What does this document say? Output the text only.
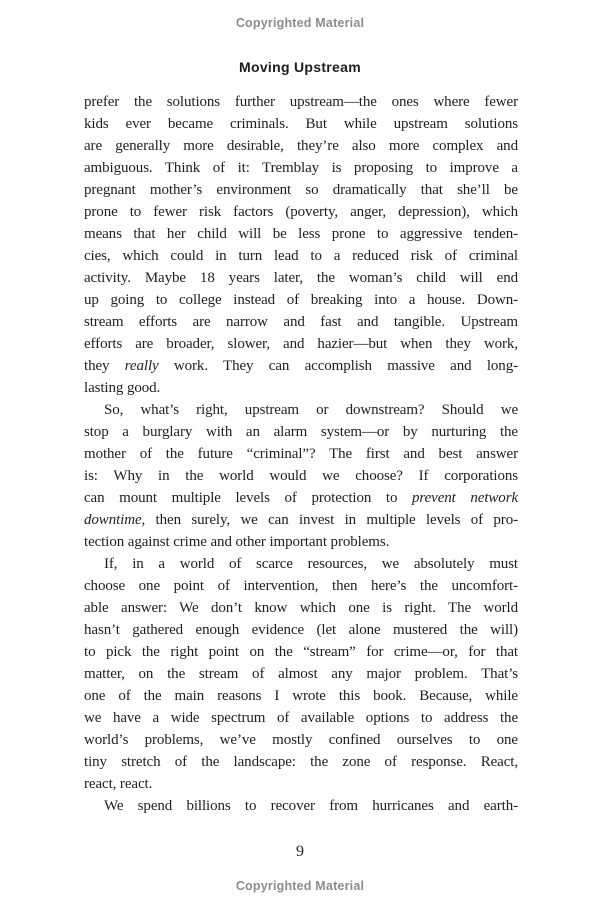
Copyrighted Material
Moving Upstream
prefer the solutions further upstream—the ones where fewer
kids ever became criminals. But while upstream solutions
are generally more desirable, they’re also more complex and
ambiguous. Think of it: Tremblay is proposing to improve a
pregnant mother’s environment so dramatically that she’ll be
prone to fewer risk factors (poverty, anger, depression), which
means that her child will be less prone to aggressive tenden-
cies, which could in turn lead to a reduced risk of criminal
activity. Maybe 18 years later, the woman’s child will end
up going to college instead of breaking into a house. Down-
stream efforts are narrow and fast and tangible. Upstream
efforts are broader, slower, and hazier—but when they work,
they really work. They can accomplish massive and long-
lasting good.
So, what’s right, upstream or downstream? Should we
stop a burglary with an alarm system—or by nurturing the
mother of the future “criminal”? The first and best answer
is: Why in the world would we choose? If corporations
can mount multiple levels of protection to prevent network
downtime, then surely, we can invest in multiple levels of pro-
tection against crime and other important problems.
If, in a world of scarce resources, we absolutely must
choose one point of intervention, then here’s the uncomfort-
able answer: We don’t know which one is right. The world
hasn’t gathered enough evidence (let alone mustered the will)
to pick the right point on the “stream” for crime—or, for that
matter, on the stream of almost any major problem. That’s
one of the main reasons I wrote this book. Because, while
we have a wide spectrum of available options to address the
world’s problems, we’ve mostly confined ourselves to one
tiny stretch of the landscape: the zone of response. React,
react, react.
We spend billions to recover from hurricanes and earth-
9
Copyrighted Material
